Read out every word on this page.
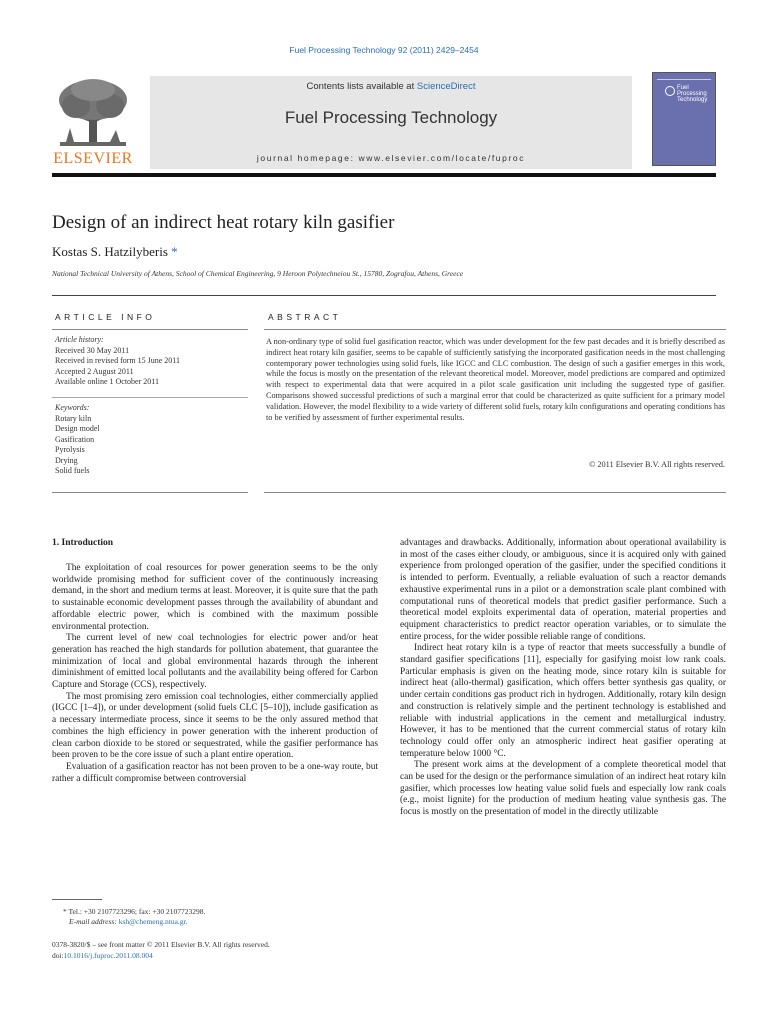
Fuel Processing Technology 92 (2011) 2429–2454
ELSEVIER
Contents lists available at ScienceDirect
Fuel Processing Technology
journal homepage: www.elsevier.com/locate/fuproc
Fuel
Processing
Technology
Design of an indirect heat rotary kiln gasifier
Kostas S. Hatzilyberis *
National Technical University of Athens, School of Chemical Engineering, 9 Heroon Polytechneiou St., 15780, Zografou, Athens, Greece
ARTICLE INFO
Article history:
Received 30 May 2011
Received in revised form 15 June 2011
Accepted 2 August 2011
Available online 1 October 2011
Keywords:
Rotary kiln
Design model
Gasification
Pyrolysis
Drying
Solid fuels
ABSTRACT
A non-ordinary type of solid fuel gasification reactor, which was under development for the few past decades and it is briefly described as indirect heat rotary kiln gasifier, seems to be capable of sufficiently satisfying the incorporated gasification needs in the most challenging contemporary power technologies using solid fuels, like IGCC and CLC combustion. The design of such a gasifier emerges in this work, while the focus is mostly on the presentation of the relevant theoretical model. Moreover, model predictions are compared and optimized with respect to experimental data that were acquired in a pilot scale gasification unit including the suggested type of gasifier. Comparisons showed successful predictions of such a marginal error that could be characterized as quite sufficient for a primary model validation. However, the model flexibility to a wide variety of different solid fuels, rotary kiln configurations and operating conditions has to be verified by assessment of further experimental results.
© 2011 Elsevier B.V. All rights reserved.
1. Introduction

The exploitation of coal resources for power generation seems to be the only worldwide promising method for sufficient cover of the continuously increasing demand, in the short and medium terms at least. Moreover, it is quite sure that the path to sustainable economic development passes through the availability of abundant and affordable electric power, which is combined with the maximum possible environmental protection.

The current level of new coal technologies for electric power and/or heat generation has reached the high standards for pollution abatement, that guarantee the minimization of local and global environmental hazards through the inherent diminishment of emitted local pollutants and the availability being offered for Carbon Capture and Storage (CCS), respectively.

The most promising zero emission coal technologies, either commercially applied (IGCC [1–4]), or under development (solid fuels CLC [5–10]), include gasification as a necessary intermediate process, since it seems to be the only assured method that combines the high efficiency in power generation with the inherent production of clean carbon dioxide to be stored or sequestrated, while the gasifier performance has been proven to be the core issue of such a plant entire operation.

Evaluation of a gasification reactor has not been proven to be a one-way route, but rather a difficult compromise between controversial

advantages and drawbacks. Additionally, information about operational availability is in most of the cases either cloudy, or ambiguous, since it is acquired only with gained experience from prolonged operation of the gasifier, under the specified conditions it is intended to perform. Eventually, a reliable evaluation of such a reactor demands exhaustive experimental runs in a pilot or a demonstration scale plant combined with computational runs of theoretical models that predict gasifier performance. Such a theoretical model exploits experimental data of operation, material properties and equipment characteristics to predict reactor operation variables, or to simulate the entire process, for the wider possible reliable range of conditions.

Indirect heat rotary kiln is a type of reactor that meets successfully a bundle of standard gasifier specifications [11], especially for gasifying moist low rank coals. Particular emphasis is given on the heating mode, since rotary kiln is suitable for indirect heat (allo-thermal) gasification, which offers better synthesis gas quality, or under certain conditions gas product rich in hydrogen. Additionally, rotary kiln design and construction is relatively simple and the pertinent technology is established and reliable with industrial applications in the cement and metallurgical industry. However, it has to be mentioned that the current commercial status of rotary kiln technology could offer only an atmospheric indirect heat gasifier operating at temperature below 1000 °C.

The present work aims at the development of a complete theoretical model that can be used for the design or the performance simulation of an indirect heat rotary kiln gasifier, which processes low heating value solid fuels and especially low rank coals (e.g., moist lignite) for the production of medium heating value synthesis gas. The focus is mostly on the presentation of model in the directly utilizable

* Tel.: +30 2107723296; fax: +30 2107723298.
E-mail address: ksh@chemeng.ntua.gr.
0378-3820/$ – see front matter © 2011 Elsevier B.V. All rights reserved.
doi:10.1016/j.fuproc.2011.08.004
